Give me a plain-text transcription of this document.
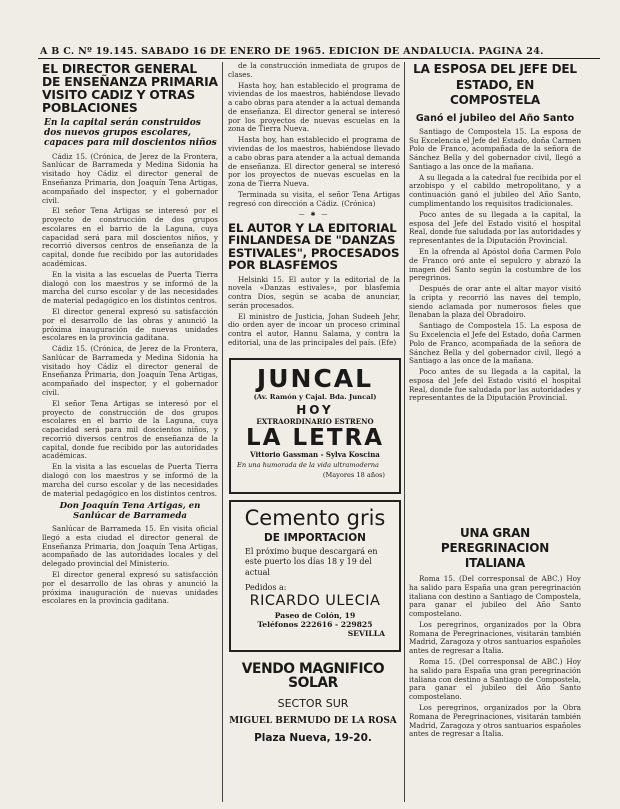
A B C. Nº 19.145. SABADO 16 DE ENERO DE 1965. EDICION DE ANDALUCIA. PAGINA 24.
EL DIRECTOR GENERAL DE ENSEÑANZA PRIMARIA VISITO CADIZ Y OTRAS POBLACIONES
En la capital serán construidos dos nuevos grupos escolares, capaces para mil doscientos niños

Cádiz 15. (Crónica, de Jerez de la Frontera, Sanlúcar de Barrameda y Medina Sidonia ha visitado hoy Cádiz el director general de Enseñanza Primaria, don Joaquín Tena Artigas, acompañado del inspector, y el gobernador civil.

El señor Tena Artigas se interesó por el proyecto de construcción de dos grupos escolares en el barrio de la Laguna, cuya capacidad será para mil doscientos niños, y recorrió diversos centros de enseñanza de la capital, donde fue recibido por las autoridades académicas.

En la visita a las escuelas de Puerta Tierra dialogó con los maestros y se informó de la marcha del curso escolar y de las necesidades de material pedagógico en los distintos centros.

El director general expresó su satisfacción por el desarrollo de las obras y anunció la próxima inauguración de nuevas unidades escolares en la provincia gaditana.

Cádiz 15. (Crónica, de Jerez de la Frontera, Sanlúcar de Barrameda y Medina Sidonia ha visitado hoy Cádiz el director general de Enseñanza Primaria, don Joaquín Tena Artigas, acompañado del inspector, y el gobernador civil.

El señor Tena Artigas se interesó por el proyecto de construcción de dos grupos escolares en el barrio de la Laguna, cuya capacidad será para mil doscientos niños, y recorrió diversos centros de enseñanza de la capital, donde fue recibido por las autoridades académicas.

En la visita a las escuelas de Puerta Tierra dialogó con los maestros y se informó de la marcha del curso escolar y de las necesidades de material pedagógico en los distintos centros.

Don Joaquín Tena Artigas, en Sanlúcar de Barrameda

Sanlúcar de Barrameda 15. En visita oficial llegó a esta ciudad el director general de Enseñanza Primaria, don Joaquín Tena Artigas, acompañado de las autoridades locales y del delegado provincial del Ministerio.

El director general expresó su satisfacción por el desarrollo de las obras y anunció la próxima inauguración de nuevas unidades escolares en la provincia gaditana.

de la construcción inmediata de grupos de clases.

Hasta hoy, han establecido el programa de viviendas de los maestros, habiéndose llevado a cabo obras para atender a la actual demanda de enseñanza. El director general se interesó por los proyectos de nuevas escuelas en la zona de Tierra Nueva.

Hasta hoy, han establecido el programa de viviendas de los maestros, habiéndose llevado a cabo obras para atender a la actual demanda de enseñanza. El director general se interesó por los proyectos de nuevas escuelas en la zona de Tierra Nueva.

Terminada su visita, el señor Tena Artigas regresó con dirección a Cádiz. (Crónica)

— ✱ —
EL AUTOR Y LA EDITORIAL FINLANDESA DE "DANZAS ESTIVALES", PROCESADOS POR BLASFEMOS

Helsinki 15. El autor y la editorial de la novela «Danzas estivales», por blasfemia contra Dios, según se acaba de anunciar, serán procesados.

El ministro de Justicia, Johan Sudeeh Jehr, dio orden ayer de incoar un proceso criminal contra el autor, Hannu Salama, y contra la editorial, una de las principales del país. (Efe)

JUNCAL
(Av. Ramón y Cajal. Bda. Juncal)
HOY
EXTRAORDINARIO ESTRENO
LA LETRA
Vittorio Gassman - Sylva Koscina
En una humorada de la vida ultramoderna
(Mayores 18 años)
Cemento gris
DE IMPORTACION
El próximo buque descargará en este puerto los días 18 y 19 del actual
Pedidos a:
RICARDO ULECIA
Paseo de Colón, 19
Teléfonos 222616 - 229825
SEVILLA
VENDO MAGNIFICO SOLAR
SECTOR SUR
MIGUEL BERMUDO DE LA ROSA
Plaza Nueva, 19-20.
LA ESPOSA DEL JEFE DEL ESTADO, EN COMPOSTELA
Ganó el jubileo del Año Santo

Santiago de Compostela 15. La esposa de Su Excelencia el Jefe del Estado, doña Carmen Polo de Franco, acompañada de la señora de Sánchez Bella y del gobernador civil, llegó a Santiago a las once de la mañana.

A su llegada a la catedral fue recibida por el arzobispo y el cabildo metropolitano, y a continuación ganó el jubileo del Año Santo, cumplimentando los requisitos tradicionales.

Poco antes de su llegada a la capital, la esposa del Jefe del Estado visitó el hospital Real, donde fue saludada por las autoridades y representantes de la Diputación Provincial.

En la ofrenda al Apóstol doña Carmen Polo de Franco oró ante el sepulcro y abrazó la imagen del Santo según la costumbre de los peregrinos.

Después de orar ante el altar mayor visitó la cripta y recorrió las naves del templo, siendo aclamada por numerosos fieles que llenaban la plaza del Obradoiro.

Santiago de Compostela 15. La esposa de Su Excelencia el Jefe del Estado, doña Carmen Polo de Franco, acompañada de la señora de Sánchez Bella y del gobernador civil, llegó a Santiago a las once de la mañana.

Poco antes de su llegada a la capital, la esposa del Jefe del Estado visitó el hospital Real, donde fue saludada por las autoridades y representantes de la Diputación Provincial.

UNA GRAN PEREGRINACION ITALIANA

Roma 15. (Del corresponsal de ABC.) Hoy ha salido para España una gran peregrinación italiana con destino a Santiago de Compostela, para ganar el jubileo del Año Santo compostelano.

Los peregrinos, organizados por la Obra Romana de Peregrinaciones, visitarán también Madrid, Zaragoza y otros santuarios españoles antes de regresar a Italia.

Roma 15. (Del corresponsal de ABC.) Hoy ha salido para España una gran peregrinación italiana con destino a Santiago de Compostela, para ganar el jubileo del Año Santo compostelano.

Los peregrinos, organizados por la Obra Romana de Peregrinaciones, visitarán también Madrid, Zaragoza y otros santuarios españoles antes de regresar a Italia.
